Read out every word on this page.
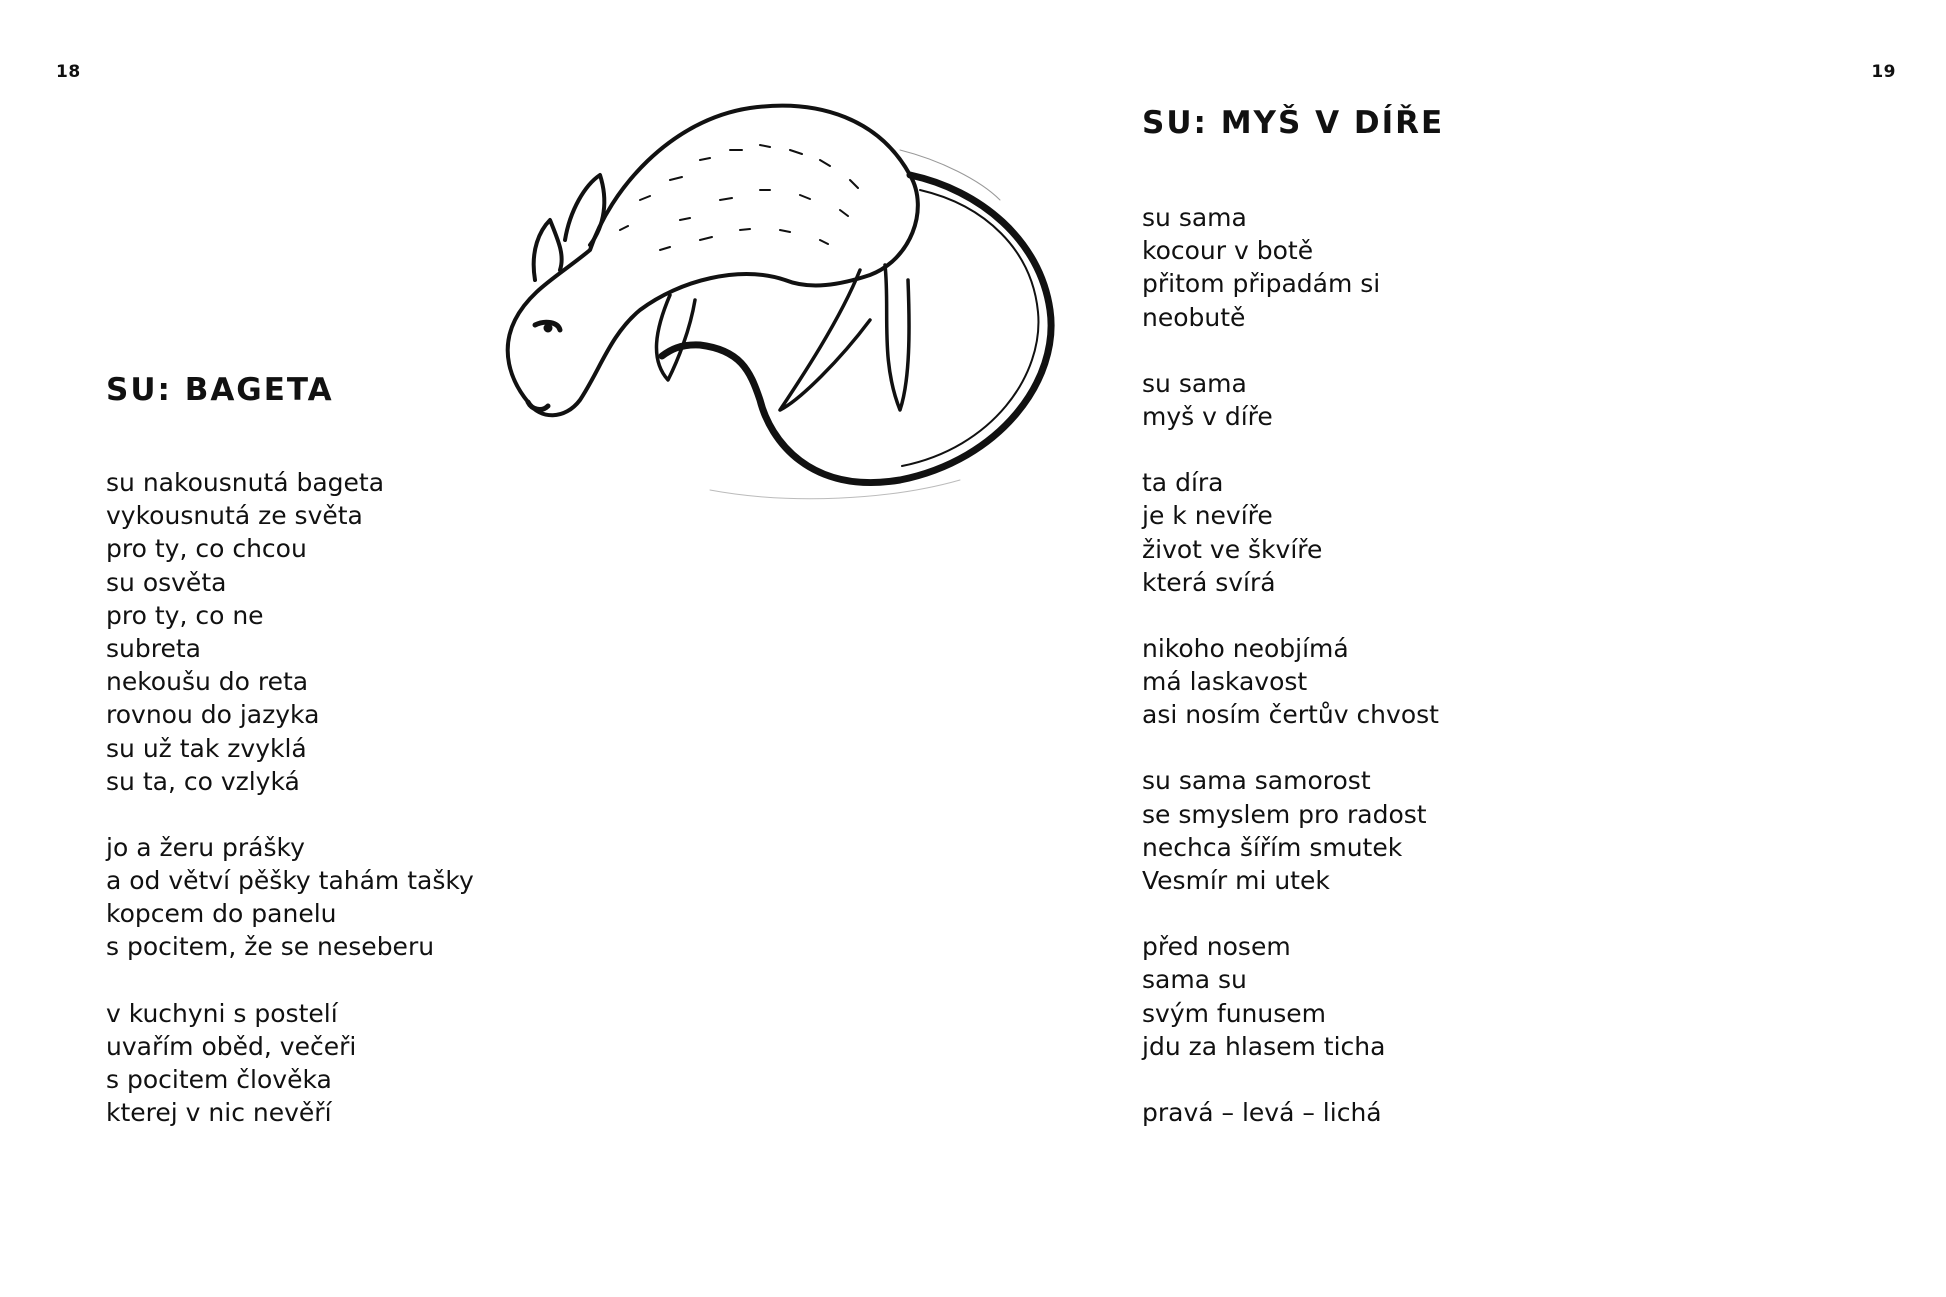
18	19
SU: BAGETA
su nakousnutá bageta
vykousnutá ze světa
pro ty, co chcou
su osvěta
pro ty, co ne
subreta
nekoušu do reta
rovnou do jazyka
su už tak zvyklá
su ta, co vzlyká
jo a žeru prášky
a od větví pěšky tahám tašky
kopcem do panelu
s pocitem, že se neseberu
v kuchyni s postelí
uvařím oběd, večeři
s pocitem člověka
kterej v nic nevěří
SU: MYŠ V DÍŘE
su sama
kocour v botě
přitom připadám si
neobutě
su sama
myš v díře
ta díra
je k nevíře
život ve škvíře
která svírá
nikoho neobjímá
má laskavost
asi nosím čertův chvost
su sama samorost
se smyslem pro radost
nechca šířím smutek
Vesmír mi utek
před nosem
sama su
svým funusem
jdu za hlasem ticha
pravá – levá – lichá
